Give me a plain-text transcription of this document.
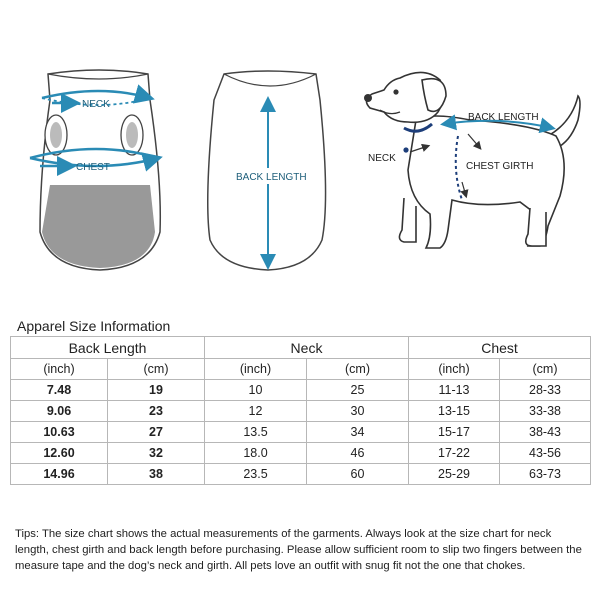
NECK
CHEST
BACK LENGTH
BACK LENGTH
NECK
CHEST GIRTH
Apparel Size Information
Back Length		Neck		Chest	
(inch)	(cm)	(inch)	(cm)	(inch)	(cm)
7.48	19	10	25	11-13	28-33
9.06	23	12	30	13-15	33-38
10.63	27	13.5	34	15-17	38-43
12.60	32	18.0	46	17-22	43-56
14.96	38	23.5	60	25-29	63-73
Tips: The size chart shows the actual measurements of the garments. Always look at the size chart for neck length, chest girth and back length before purchasing. Please allow sufficient room to slip two fingers between the measure tape and the dog’s neck and girth. All pets love an outfit with snug fit not the one that chokes.
